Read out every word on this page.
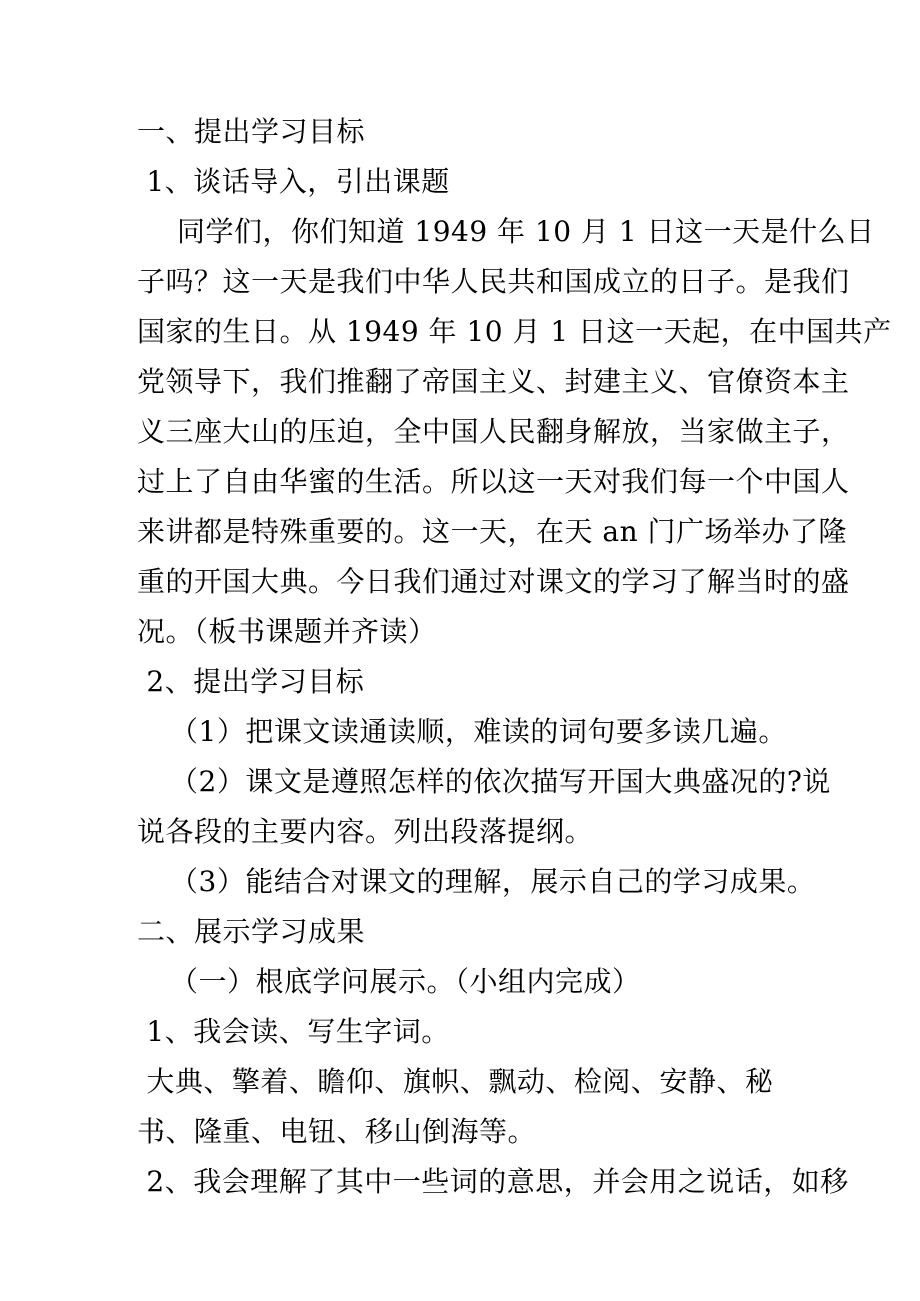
一、提出学习目标
1、谈话导入，引出课题
同学们，你们知道 1949 年 10 月 1 日这一天是什么日
子吗？这一天是我们中华人民共和国成立的日子。是我们
国家的生日。从 1949 年 10 月 1 日这一天起，在中国共产
党领导下，我们推翻了帝国主义、封建主义、官僚资本主
义三座大山的压迫，全中国人民翻身解放，当家做主子，
过上了自由华蜜的生活。所以这一天对我们每一个中国人
来讲都是特殊重要的。这一天，在天 an 门广场举办了隆
重的开国大典。今日我们通过对课文的学习了解当时的盛
况。（板书课题并齐读）
2、提出学习目标
（1）把课文读通读顺，难读的词句要多读几遍。
（2）课文是遵照怎样的依次描写开国大典盛况的?说
说各段的主要内容。列出段落提纲。
（3）能结合对课文的理解，展示自己的学习成果。
二、展示学习成果
（一）根底学问展示。（小组内完成）
1、我会读、写生字词。
大典、擎着、瞻仰、旗帜、飘动、检阅、安静、秘
书、隆重、电钮、移山倒海等。
2、我会理解了其中一些词的意思，并会用之说话，如移
